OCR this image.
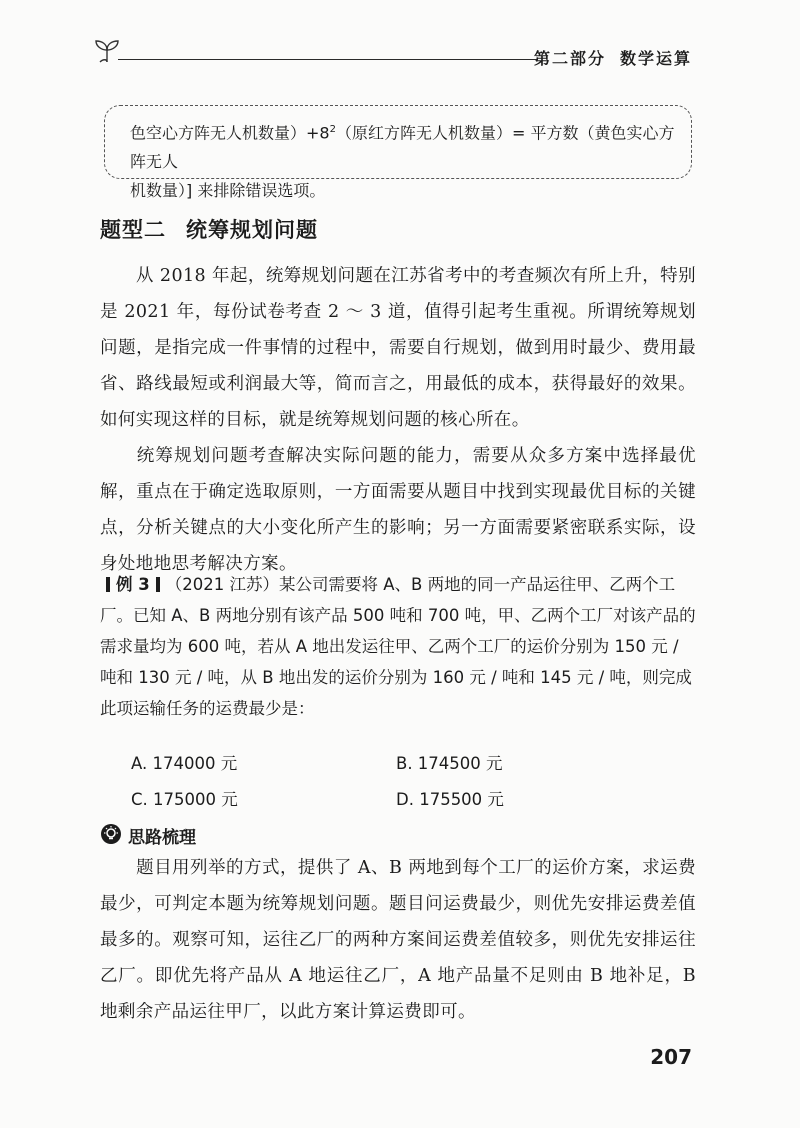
第二部分 数学运算
色空心方阵无人机数量）$+8^2$（原红方阵无人机数量）= 平方数（黄色实心方阵无人
机数量）] 来排除错误选项。
题型二 统筹规划问题
从 2018 年起，统筹规划问题在江苏省考中的考查频次有所上升，特别是 2021 年，每份试卷考查 2 ～ 3 道，值得引起考生重视。所谓统筹规划问题，是指完成一件事情的过程中，需要自行规划，做到用时最少、费用最省、路线最短或利润最大等，简而言之，用最低的成本，获得最好的效果。如何实现这样的目标，就是统筹规划问题的核心所在。
统筹规划问题考查解决实际问题的能力，需要从众多方案中选择最优解，重点在于确定选取原则，一方面需要从题目中找到实现最优目标的关键点，分析关键点的大小变化所产生的影响；另一方面需要紧密联系实际，设身处地地思考解决方案。
例 3 （2021 江苏）某公司需要将 A、B 两地的同一产品运往甲、乙两个工厂。已知 A、B 两地分别有该产品 500 吨和 700 吨，甲、乙两个工厂对该产品的需求量均为 600 吨，若从 A 地出发运往甲、乙两个工厂的运价分别为 150 元 / 吨和 130 元 / 吨，从 B 地出发的运价分别为 160 元 / 吨和 145 元 / 吨，则完成此项运输任务的运费最少是：
A. 174000 元	B. 174500 元
C. 175000 元	D. 175500 元
思路梳理
题目用列举的方式，提供了 A、B 两地到每个工厂的运价方案，求运费最少，可判定本题为统筹规划问题。题目问运费最少，则优先安排运费差值最多的。观察可知，运往乙厂的两种方案间运费差值较多，则优先安排运往乙厂。即优先将产品从 A 地运往乙厂，A 地产品量不足则由 B 地补足，B 地剩余产品运往甲厂，以此方案计算运费即可。
207
